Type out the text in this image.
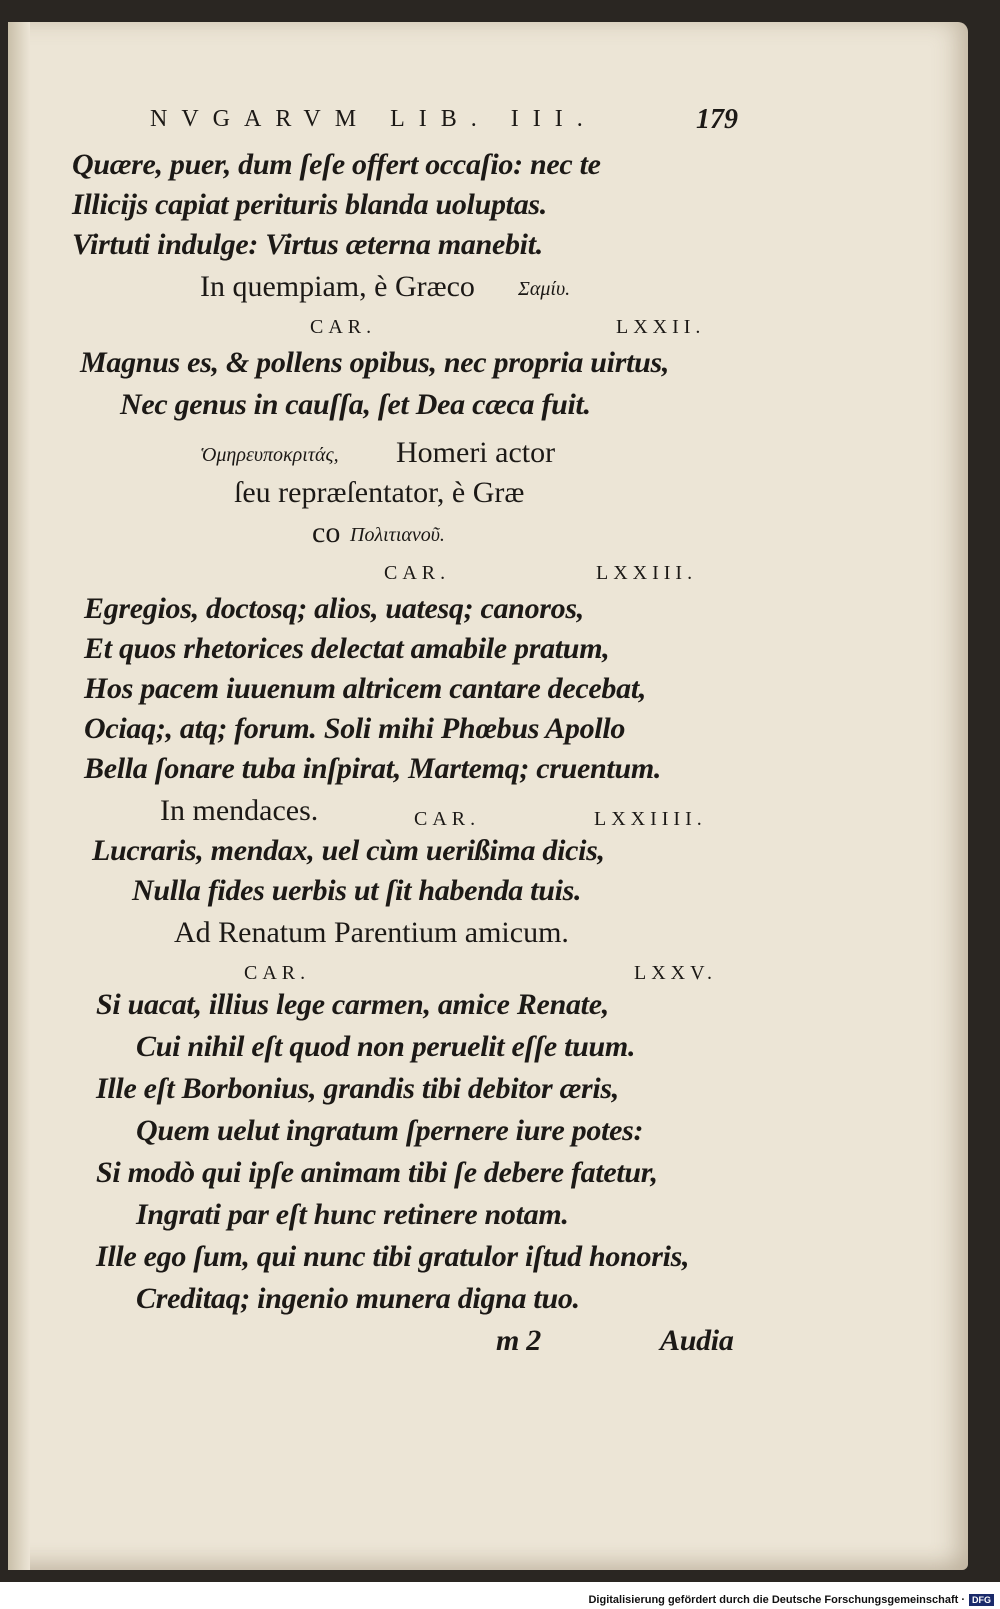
NVGARVM LIB. III.	179
Quære, puer, dum ſeſe offert occaſio: nec te
Illicijs capiat perituris blanda uoluptas.
Virtuti indulge: Virtus æterna manebit.
In quempiam, è Græco Σαμίυ.
CAR.	LXXII.
Magnus es, & pollens opibus, nec propria uirtus,
Nec genus in cauſſa, ſet Dea cæca fuit.
Ὁμηρευποκριτάς, Homeri actor
ſeu repræſentator, è Græ
co Πολιτιανοῦ.
CAR.	LXXIII.
Egregios, doctosq; alios, uatesq; canoros,
Et quos rhetorices delectat amabile pratum,
Hos pacem iuuenum altricem cantare decebat,
Ociaq;, atq; forum. Soli mihi Phœbus Apollo
Bella ſonare tuba inſpirat, Martemq; cruentum.
In mendaces.	CAR.	LXXIIII.
Lucraris, mendax, uel cùm uerißima dicis,
Nulla fides uerbis ut ſit habenda tuis.
Ad Renatum Parentium amicum.
CAR.	LXXV.
Si uacat, illius lege carmen, amice Renate,
Cui nihil eſt quod non peruelit eſſe tuum.
Ille eſt Borbonius, grandis tibi debitor æris,
Quem uelut ingratum ſpernere iure potes:
Si modò qui ipſe animam tibi ſe debere fatetur,
Ingrati par eſt hunc retinere notam.
Ille ego ſum, qui nunc tibi gratulor iſtud honoris,
Creditaq; ingenio munera digna tuo.
m 2	Audia
Digitalisierung gefördert durch die Deutsche Forschungsgemeinschaft · DFG
